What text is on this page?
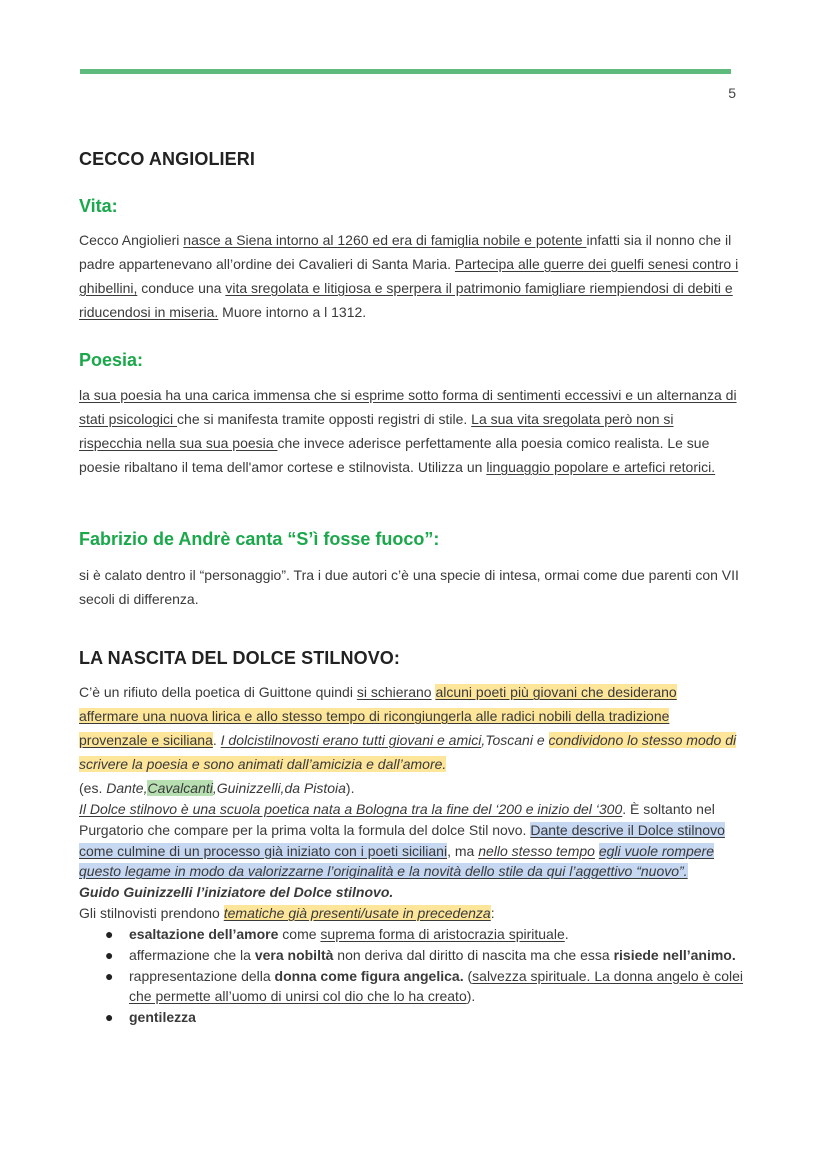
5
CECCO ANGIOLIERI
Vita:

Cecco Angiolieri nasce a Siena intorno al 1260 ed era di famiglia nobile e potente infatti sia il nonno che il padre appartenevano all’ordine dei Cavalieri di Santa Maria. Partecipa alle guerre dei guelfi senesi contro i ghibellini, conduce una vita sregolata e litigiosa e sperpera il patrimonio famigliare riempiendosi di debiti e riducendosi in miseria. Muore intorno a l 1312.

Poesia:

la sua poesia ha una carica immensa che si esprime sotto forma di sentimenti eccessivi e un alternanza di stati psicologici che si manifesta tramite opposti registri di stile. La sua vita sregolata però non si rispecchia nella sua sua poesia che invece aderisce perfettamente alla poesia comico realista. Le sue poesie ribaltano il tema dell'amor cortese e stilnovista. Utilizza un linguaggio popolare e artefici retorici.

Fabrizio de Andrè canta “S’ì fosse fuoco”:

si è calato dentro il “personaggio”. Tra i due autori c’è una specie di intesa, ormai come due parenti con VII secoli di differenza.

LA NASCITA DEL DOLCE STILNOVO:

C’è un rifiuto della poetica di Guittone quindi si schierano alcuni poeti più giovani che desiderano affermare una nuova lirica e allo stesso tempo di ricongiungerla alle radici nobili della tradizione provenzale e siciliana. I dolcistilnovosti erano tutti giovani e amici,Toscani e condividono lo stesso modo di scrivere la poesia e sono animati dall’amicizia e dall’amore.

(es. Dante,Cavalcanti,Guinizzelli,da Pistoia).

Il Dolce stilnovo è una scuola poetica nata a Bologna tra la fine del ‘200 e inizio del ‘300. È soltanto nel Purgatorio che compare per la prima volta la formula del dolce Stil novo. Dante descrive il Dolce stilnovo come culmine di un processo già iniziato con i poeti siciliani, ma nello stesso tempo egli vuole rompere questo legame in modo da valorizzarne l’originalità e la novità dello stile da qui l’aggettivo “nuovo”. Guido Guinizzelli l’iniziatore del Dolce stilnovo.

Gli stilnovisti prendono tematiche già presenti/usate in precedenza:

● esaltazione dell’amore come suprema forma di aristocrazia spirituale.
● affermazione che la vera nobiltà non deriva dal diritto di nascita ma che essa risiede nell’animo.
● rappresentazione della donna come figura angelica. (salvezza spirituale. La donna angelo è colei che permette all’uomo di unirsi col dio che lo ha creato).
● gentilezza
